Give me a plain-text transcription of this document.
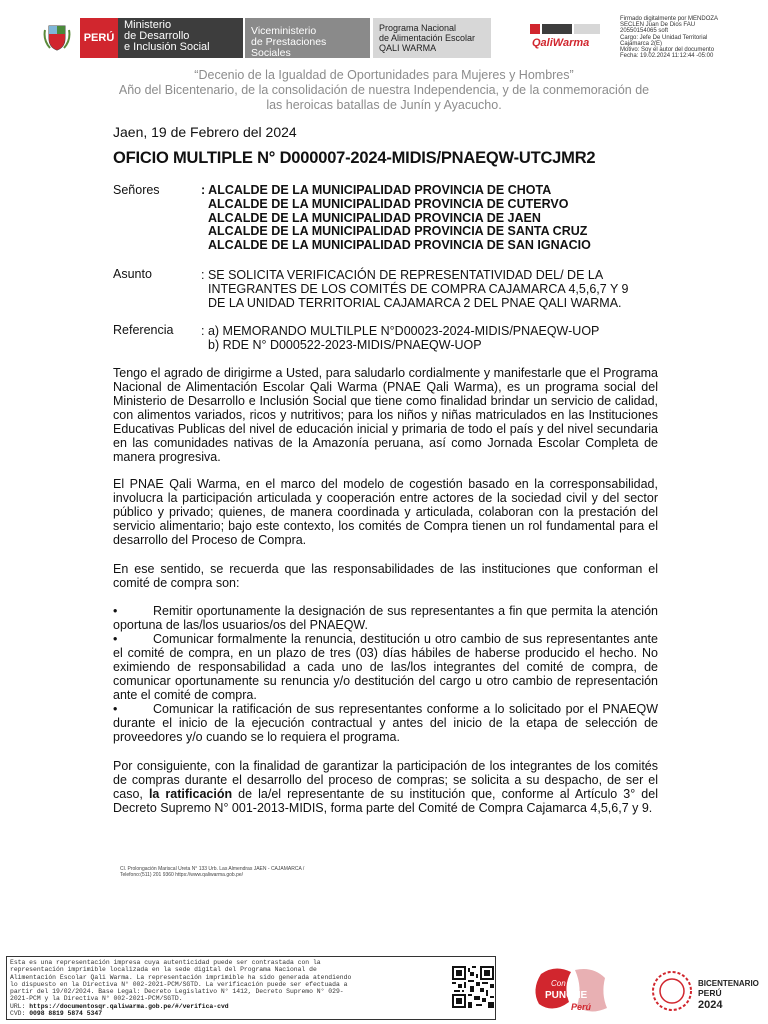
PERÚ
Ministerio
de Desarrollo
e Inclusión Social
Viceministerio
de Prestaciones Sociales
Programa Nacional
de Alimentación Escolar
QALI WARMA	QaliWarma
Firmado digitalmente por MENDOZA
SECLEN Juan De Dios FAU
20550154065 soft
Cargo: Jefe De Unidad Territorial
Cajamarca 2(E)
Motivo: Soy el autor del documento
Fecha: 19.02.2024 11:12:44 -05:00
“Decenio de la Igualdad de Oportunidades para Mujeres y Hombres”
Año del Bicentenario, de la consolidación de nuestra Independencia, y de la conmemoración de
las heroicas batallas de Junín y Ayacucho.
Jaen, 19 de Febrero del 2024
OFICIO MULTIPLE N° D000007-2024-MIDIS/PNAEQW-UTCJMR2
Señores	: ALCALDE DE LA MUNICIPALIDAD PROVINCIA DE CHOTA
ALCALDE DE LA MUNICIPALIDAD PROVINCIA DE CUTERVO
ALCALDE DE LA MUNICIPALIDAD PROVINCIA DE JAEN
ALCALDE DE LA MUNICIPALIDAD PROVINCIA DE SANTA CRUZ
ALCALDE DE LA MUNICIPALIDAD PROVINCIA DE SAN IGNACIO
Asunto	: SE SOLICITA VERIFICACIÓN DE REPRESENTATIVIDAD DEL/ DE LA
INTEGRANTES DE LOS COMITÉS DE COMPRA CAJAMARCA 4,5,6,7 Y 9
DE LA UNIDAD TERRITORIAL CAJAMARCA 2 DEL PNAE QALI WARMA.
Referencia : a) MEMORANDO MULTILPLE N°D00023-2024-MIDIS/PNAEQW-UOP
b) RDE N° D000522-2023-MIDIS/PNAEQW-UOP

Tengo el agrado de dirigirme a Usted, para saludarlo cordialmente y manifestarle que el Programa Nacional de Alimentación Escolar Qali Warma (PNAE Qali Warma), es un programa social del Ministerio de Desarrollo e Inclusión Social que tiene como finalidad brindar un servicio de calidad, con alimentos variados, ricos y nutritivos; para los niños y niñas matriculados en las Instituciones Educativas Publicas del nivel de educación inicial y primaria de todo el país y del nivel secundaria en las comunidades nativas de la Amazonía peruana, así como Jornada Escolar Completa de manera progresiva.

El PNAE Qali Warma, en el marco del modelo de cogestión basado en la corresponsabilidad, involucra la participación articulada y cooperación entre actores de la sociedad civil y del sector público y privado; quienes, de manera coordinada y articulada, colaboran con la prestación del servicio alimentario; bajo este contexto, los comités de Compra tienen un rol fundamental para el desarrollo del Proceso de Compra.

En ese sentido, se recuerda que las responsabilidades de las instituciones que conforman el comité de compra son:

•	Remitir oportunamente la designación de sus representantes a fin que permita la atención oportuna de las/los usuarios/os del PNAEQW.

•	Comunicar formalmente la renuncia, destitución u otro cambio de sus representantes ante el comité de compra, en un plazo de tres (03) días hábiles de haberse producido el hecho. No eximiendo de responsabilidad a cada uno de las/los integrantes del comité de compra, de comunicar oportunamente su renuncia y/o destitución del cargo u otro cambio de representación ante el comité de compra.

•	Comunicar la ratificación de sus representantes conforme a lo solicitado por el PNAEQW durante el inicio de la ejecución contractual y antes del inicio de la etapa de selección de proveedores y/o cuando se lo requiera el programa.

Por consiguiente, con la finalidad de garantizar la participación de los integrantes de los comités de compras durante el desarrollo del proceso de compras; se solicita a su despacho, de ser el caso, la ratificación de la/el representante de su institución que, conforme al Artículo 3° del Decreto Supremo N° 001-2013-MIDIS, forma parte del Comité de Compra Cajamarca 4,5,6,7 y 9.

Cl. Prolongación Mariscal Ureta N° 133 Urb. Las Almendras JAEN - CAJAMARCA /
Telefono:(511) 201 9360 https://www.qaliwarma.gob.pe/
Esta es una representación impresa cuya autenticidad puede ser contrastada con la
representación imprimible localizada en la sede digital del Programa Nacional de
Alimentación Escolar Qali Warma. La representación imprimible ha sido generada atendiendo
lo dispuesto en la Directiva N° 002-2021-PCM/SGTD. La verificación puede ser efectuada a
partir del 19/02/2024. Base Legal: Decreto Legislativo N° 1412, Decreto Supremo N° 029-
2021-PCM y la Directiva N° 002-2021-PCM/SGTD.
URL: https://documentosqr.qaliwarma.gob.pe/#/verifica-cvd
CVD: 0098 8819 5874 5347
Con
PUNCHE
Perú
BICENTENARIO
PERÚ
2024
